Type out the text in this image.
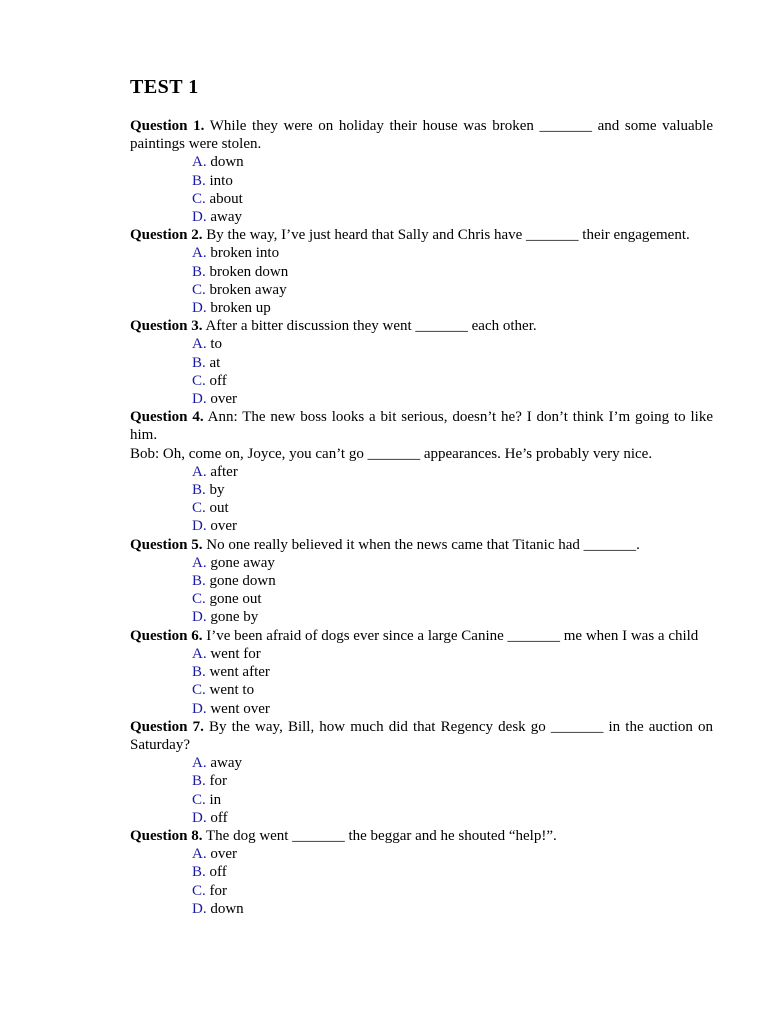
TEST 1
Question 1. While they were on holiday their house was broken _______ and some valuable paintings were stolen.
A. down
B. into
C. about
D. away
Question 2. By the way, I’ve just heard that Sally and Chris have _______ their engagement.
A. broken into
B. broken down
C. broken away
D. broken up
Question 3. After a bitter discussion they went _______ each other.
A. to
B. at
C. off
D. over
Question 4. Ann: The new boss looks a bit serious, doesn’t he? I don’t think I’m going to like him.
Bob: Oh, come on, Joyce, you can’t go _______ appearances. He’s probably very nice.
A. after
B. by
C. out
D. over
Question 5. No one really believed it when the news came that Titanic had _______.
A. gone away
B. gone down
C. gone out
D. gone by
Question 6. I’ve been afraid of dogs ever since a large Canine _______ me when I was a child
A. went for
B. went after
C. went to
D. went over
Question 7. By the way, Bill, how much did that Regency desk go _______ in the auction on Saturday?
A. away
B. for
C. in
D. off
Question 8. The dog went _______ the beggar and he shouted “help!”.
A. over
B. off
C. for
D. down
